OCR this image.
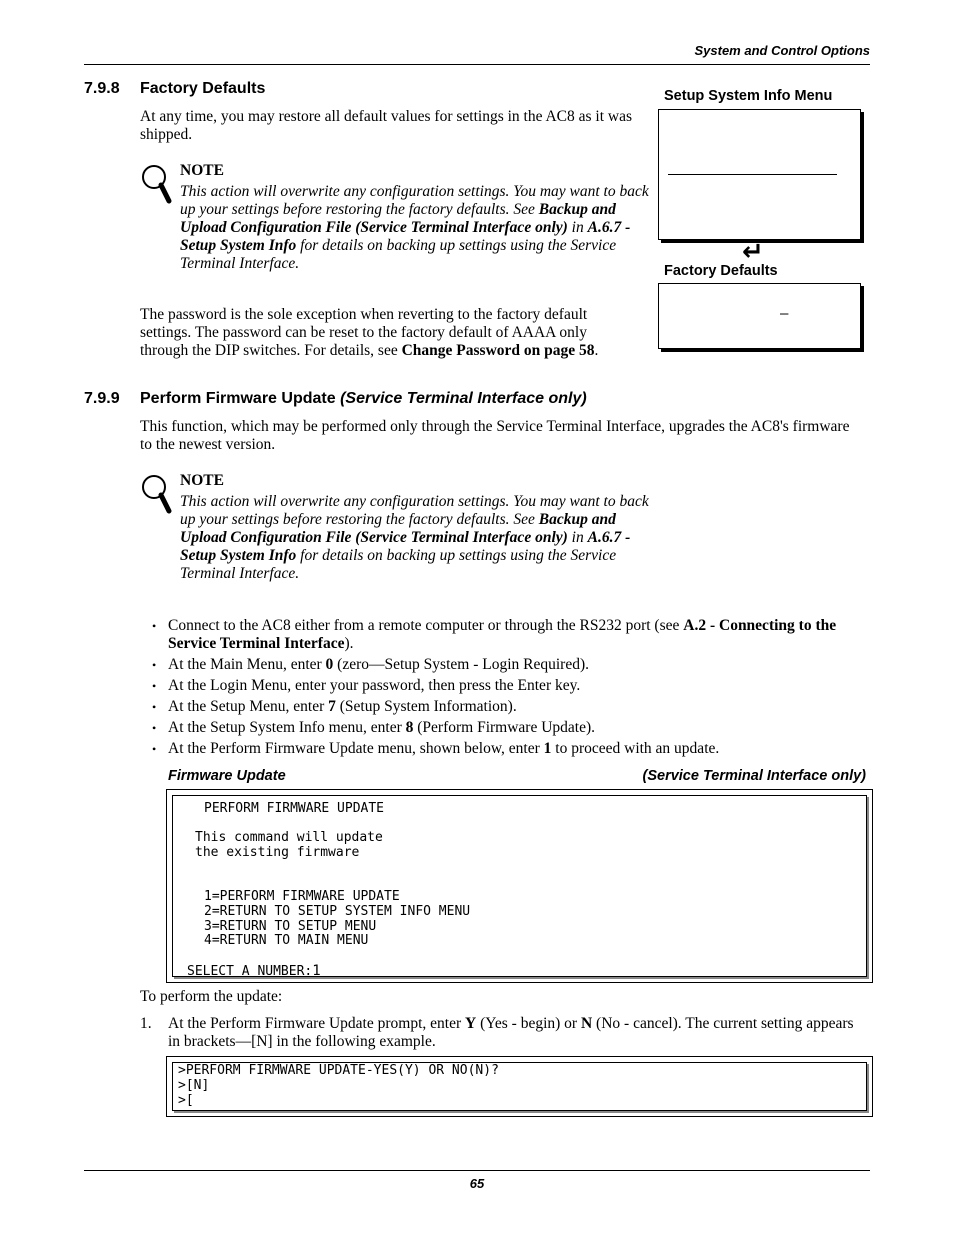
System and Control Options
7.9.8 Factory Defaults
At any time, you may restore all default values for settings in the AC8 as it was shipped.
NOTE
This action will overwrite any configuration settings. You may want to back up your settings before restoring the factory defaults. See Backup and Upload Configuration File (Service Terminal Interface only) in A.6.7 - Setup System Info for details on backing up settings using the Service Terminal Interface.
The password is the sole exception when reverting to the factory default settings. The password can be reset to the factory default of AAAA only through the DIP switches. For details, see Change Password on page 58.
Setup System Info Menu
↵
Factory Defaults
–
7.9.9 Perform Firmware Update (Service Terminal Interface only)
This function, which may be performed only through the Service Terminal Interface, upgrades the AC8's firmware to the newest version.
NOTE
This action will overwrite any configuration settings. You may want to back up your settings before restoring the factory defaults. See Backup and Upload Configuration File (Service Terminal Interface only) in A.6.7 - Setup System Info for details on backing up settings using the Service Terminal Interface.
• Connect to the AC8 either from a remote computer or through the RS232 port (see A.2 - Connecting to the Service Terminal Interface).
• At the Main Menu, enter 0 (zero—Setup System - Login Required).
• At the Login Menu, enter your password, then press the Enter key.
• At the Setup Menu, enter 7 (Setup System Information).
• At the Setup System Info menu, enter 8 (Perform Firmware Update).
• At the Perform Firmware Update menu, shown below, enter 1 to proceed with an update.
Firmware Update	(Service Terminal Interface only)
PERFORM FIRMWARE UPDATE
This command will update
the existing firmware
1=PERFORM FIRMWARE UPDATE
2=RETURN TO SETUP SYSTEM INFO MENU
3=RETURN TO SETUP MENU
4=RETURN TO MAIN MENU
SELECT A NUMBER:1
To perform the update:
1. At the Perform Firmware Update prompt, enter Y (Yes - begin) or N (No - cancel). The current setting appears in brackets—[N] in the following example.
>PERFORM FIRMWARE UPDATE-YES(Y) OR NO(N)?
>[N]
>[
65
